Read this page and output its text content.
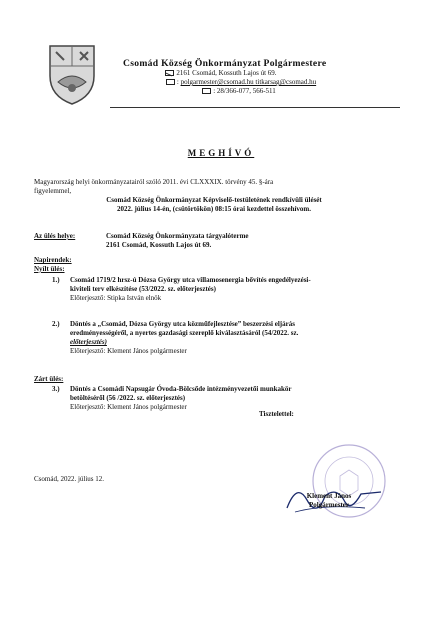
Csomád Község Önkormányzat Polgármestere
2161 Csomád, Kossuth Lajos út 69.
: polgarmester@csomad.hu titkarsag@csomad.hu
: 28/366-077, 566-511
MEGHÍVÓ
Magyarország helyi önkormányzatairól szóló 2011. évi CLXXXIX. törvény 45. §-ára
figyelemmel,
Csomád Község Önkormányzat Képviselő-testületének rendkívüli ülését
2022. július 14-én, (csütörtökön) 08:15 órai kezdettel összehívom.
Az ülés helye:	Csomád Község Önkormányzata tárgyalóterme
2161 Csomád, Kossuth Lajos út 69.
Napirendek:
Nyílt ülés:
1.) Csomád 1719/2 hrsz-ú Dózsa György utca villamosenergia bővítés engedélyezési-
kiviteli terv elkészítése (53/2022. sz. előterjesztés)
Előterjesztő: Stipka István elnök
2.) Döntés a „Csomád, Dózsa György utca közműfejlesztése” beszerzési eljárás
eredményességéről, a nyertes gazdasági szereplő kiválasztásáról (54/2022. sz.
előterjesztés)
Előterjesztő: Klement János polgármester
Zárt ülés:
3.) Döntés a Csomádi Napsugár Óvoda-Bölcsőde intézményvezetői munkakör
betöltéséről (56 /2022. sz. előterjesztés)
Előterjesztő: Klement János polgármester
Csomád, 2022. július 12.
Tisztelettel:
Klement János
Polgármester
